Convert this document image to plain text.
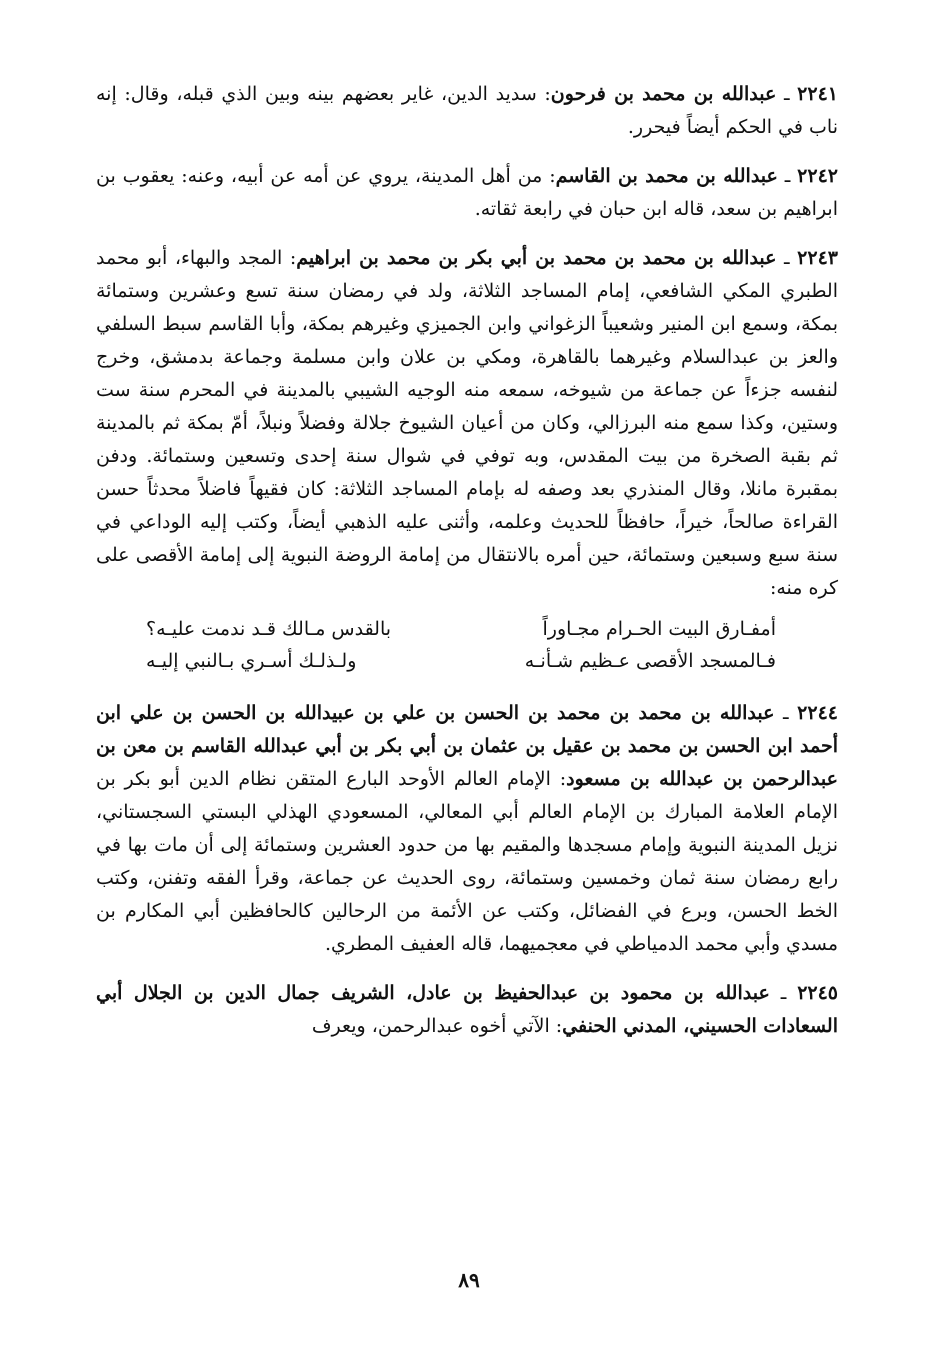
٢٢٤١ ـ عبدالله بن محمد بن فرحون: سديد الدين، غاير بعضهم بينه وبين الذي قبله، وقال: إنه ناب في الحكم أيضاً فيحرر.

٢٢٤٢ ـ عبدالله بن محمد بن القاسم: من أهل المدينة، يروي عن أمه عن أبيه، وعنه: يعقوب بن ابراهيم بن سعد، قاله ابن حبان في رابعة ثقاته.

٢٢٤٣ ـ عبدالله بن محمد بن محمد بن أبي بكر بن محمد بن ابراهيم: المجد والبهاء، أبو محمد الطبري المكي الشافعي، إمام المساجد الثلاثة، ولد في رمضان سنة تسع وعشرين وستمائة بمكة، وسمع ابن المنير وشعيباً الزغواني وابن الجميزي وغيرهم بمكة، وأبا القاسم سبط السلفي والعز بن عبدالسلام وغيرهما بالقاهرة، ومكي بن علان وابن مسلمة وجماعة بدمشق، وخرج لنفسه جزءاً عن جماعة من شيوخه، سمعه منه الوجيه الشيبي بالمدينة في المحرم سنة ست وستين، وكذا سمع منه البرزالي، وكان من أعيان الشيوخ جلالة وفضلاً ونبلاً، أمّ بمكة ثم بالمدينة ثم بقبة الصخرة من بيت المقدس، وبه توفي في شوال سنة إحدى وتسعين وستمائة. ودفن بمقبرة مانلا، وقال المنذري بعد وصفه له بإمام المساجد الثلاثة: كان فقيهاً فاضلاً محدثاً حسن القراءة صالحاً، خيراً، حافظاً للحديث وعلمه، وأثنى عليه الذهبي أيضاً، وكتب إليه الوداعي في سنة سبع وسبعين وستمائة، حين أمره بالانتقال من إمامة الروضة النبوية إلى إمامة الأقصى على كره منه:

أمفـارق البيت الحـرام مجـاوراً
بالقدس مـالك قـد ندمت عليـه؟
فـالمسجد الأقصى عـظيم شـأنـه
ولـذلـك أسـري بـالنبي إليـه

٢٢٤٤ ـ عبدالله بن محمد بن محمد بن الحسن بن علي بن عبيدالله بن الحسن بن علي ابن أحمد ابن الحسن بن محمد بن عقيل بن عثمان بن أبي بكر بن أبي عبدالله القاسم بن معن بن عبدالرحمن بن عبدالله بن مسعود: الإمام العالم الأوحد البارع المتقن نظام الدين أبو بكر بن الإمام العلامة المبارك بن الإمام العالم أبي المعالي، المسعودي الهذلي البستي السجستاني، نزيل المدينة النبوية وإمام مسجدها والمقيم بها من حدود العشرين وستمائة إلى أن مات بها في رابع رمضان سنة ثمان وخمسين وستمائة، روى الحديث عن جماعة، وقرأ الفقه وتفنن، وكتب الخط الحسن، وبرع في الفضائل، وكتب عن الأئمة من الرحالين كالحافظين أبي المكارم بن مسدي وأبي محمد الدمياطي في معجميهما، قاله العفيف المطري.

٢٢٤٥ ـ عبدالله بن محمود بن عبدالحفيظ بن عادل، الشريف جمال الدين بن الجلال أبي السعادات الحسيني، المدني الحنفي: الآتي أخوه عبدالرحمن، ويعرف

٨٩
